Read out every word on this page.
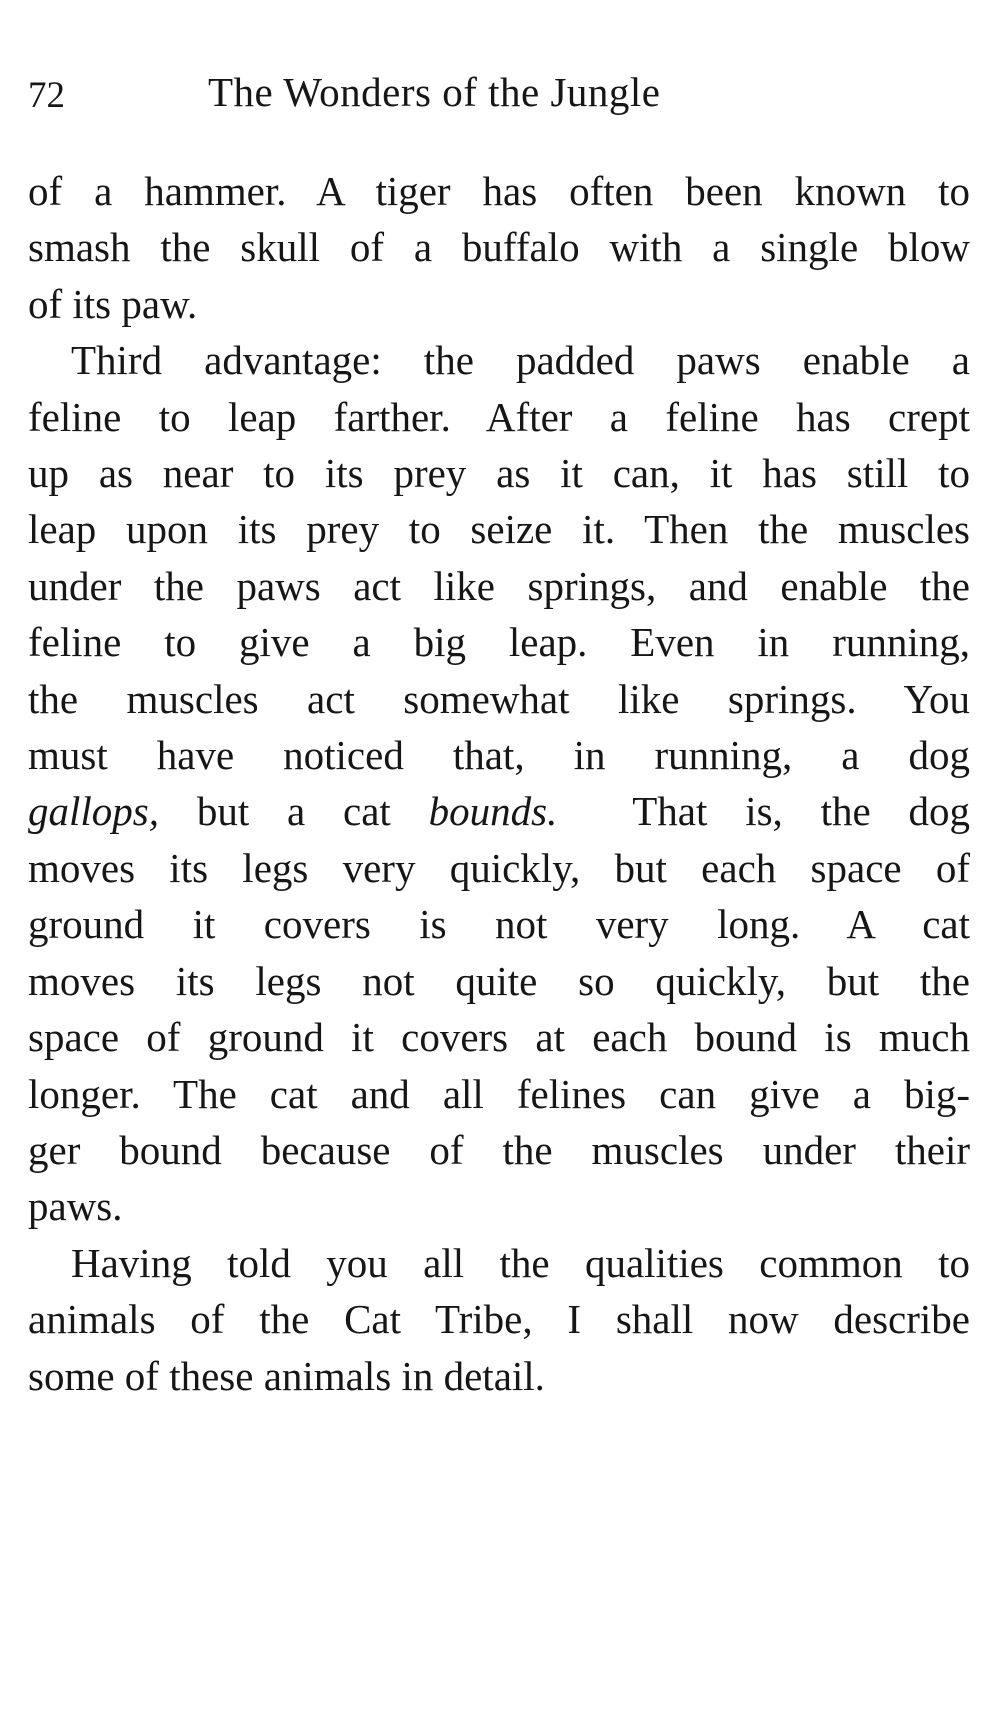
72	The Wonders of the Jungle

of a hammer. A tiger has often been known to
smash the skull of a buffalo with a single blow
of its paw.

Third advantage: the padded paws enable a
feline to leap farther. After a feline has crept
up as near to its prey as it can, it has still to
leap upon its prey to seize it. Then the muscles
under the paws act like springs, and enable the
feline to give a big leap. Even in running,
the muscles act somewhat like springs. You
must have noticed that, in running, a dog
gallops, but a cat bounds.  That is, the dog
moves its legs very quickly, but each space of
ground it covers is not very long. A cat
moves its legs not quite so quickly, but the
space of ground it covers at each bound is much
longer. The cat and all felines can give a big-
ger bound because of the muscles under their
paws.

Having told you all the qualities common to
animals of the Cat Tribe, I shall now describe
some of these animals in detail.
